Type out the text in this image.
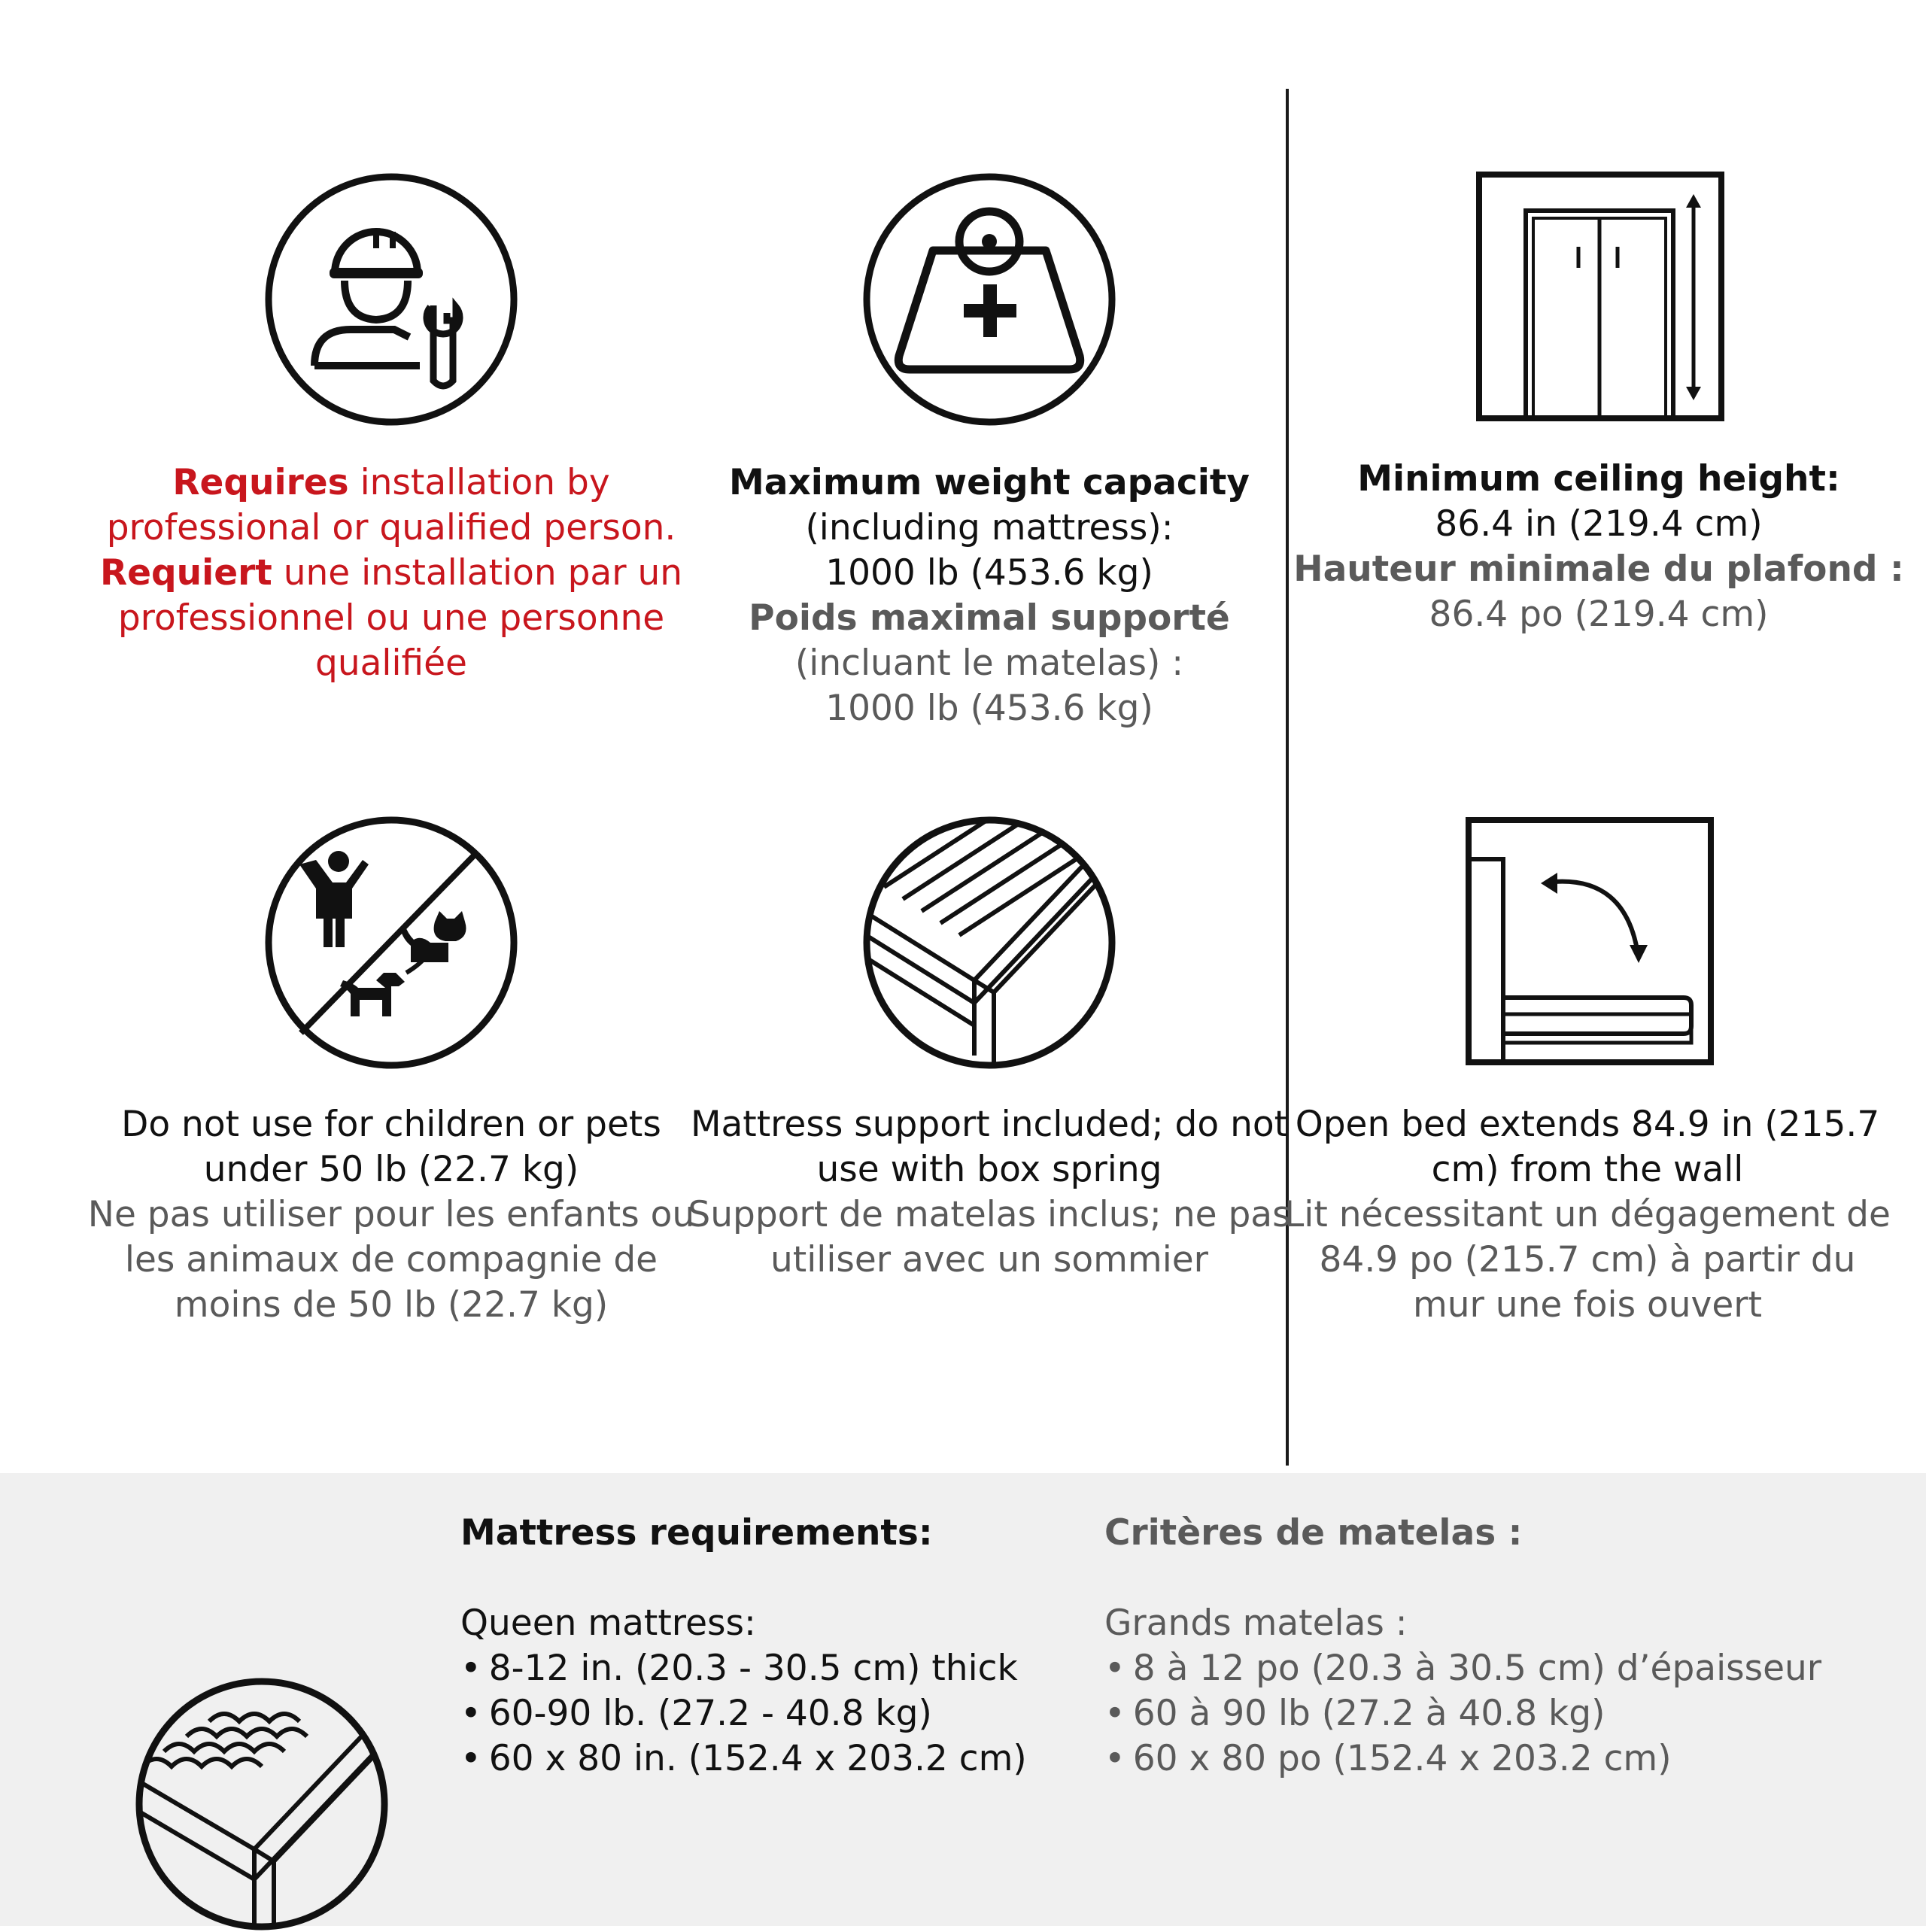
Requires installation by professional or qualified person.

Requiert une installation par un professionnel ou une personne qualifiée

Maximum weight capacity

(including mattress):

1000 lb (453.6 kg)

Poids maximal supporté

(incluant le matelas) :

1000 lb (453.6 kg)

Minimum ceiling height:

86.4 in (219.4 cm)

Hauteur minimale du plafond :

86.4 po (219.4 cm)

Do not use for children or pets under 50 lb (22.7 kg)

Ne pas utiliser pour les enfants ou les animaux de compagnie de moins de 50 lb (22.7 kg)

Mattress support included; do not use with box spring

Support de matelas inclus; ne pas utiliser avec un sommier

Open bed extends 84.9 in (215.7 cm) from the wall

Lit nécessitant un dégagement de 84.9 po (215.7 cm) à partir du mur une fois ouvert

Mattress requirements:

Queen mattress:

• 8-12 in. (20.3 - 30.5 cm) thick

• 60-90 lb. (27.2 - 40.8 kg)

• 60 x 80 in. (152.4 x 203.2 cm)

Critères de matelas :

Grands matelas :

• 8 à 12 po (20.3 à 30.5 cm) d’épaisseur

• 60 à 90 lb (27.2 à 40.8 kg)

• 60 x 80 po (152.4 x 203.2 cm)
